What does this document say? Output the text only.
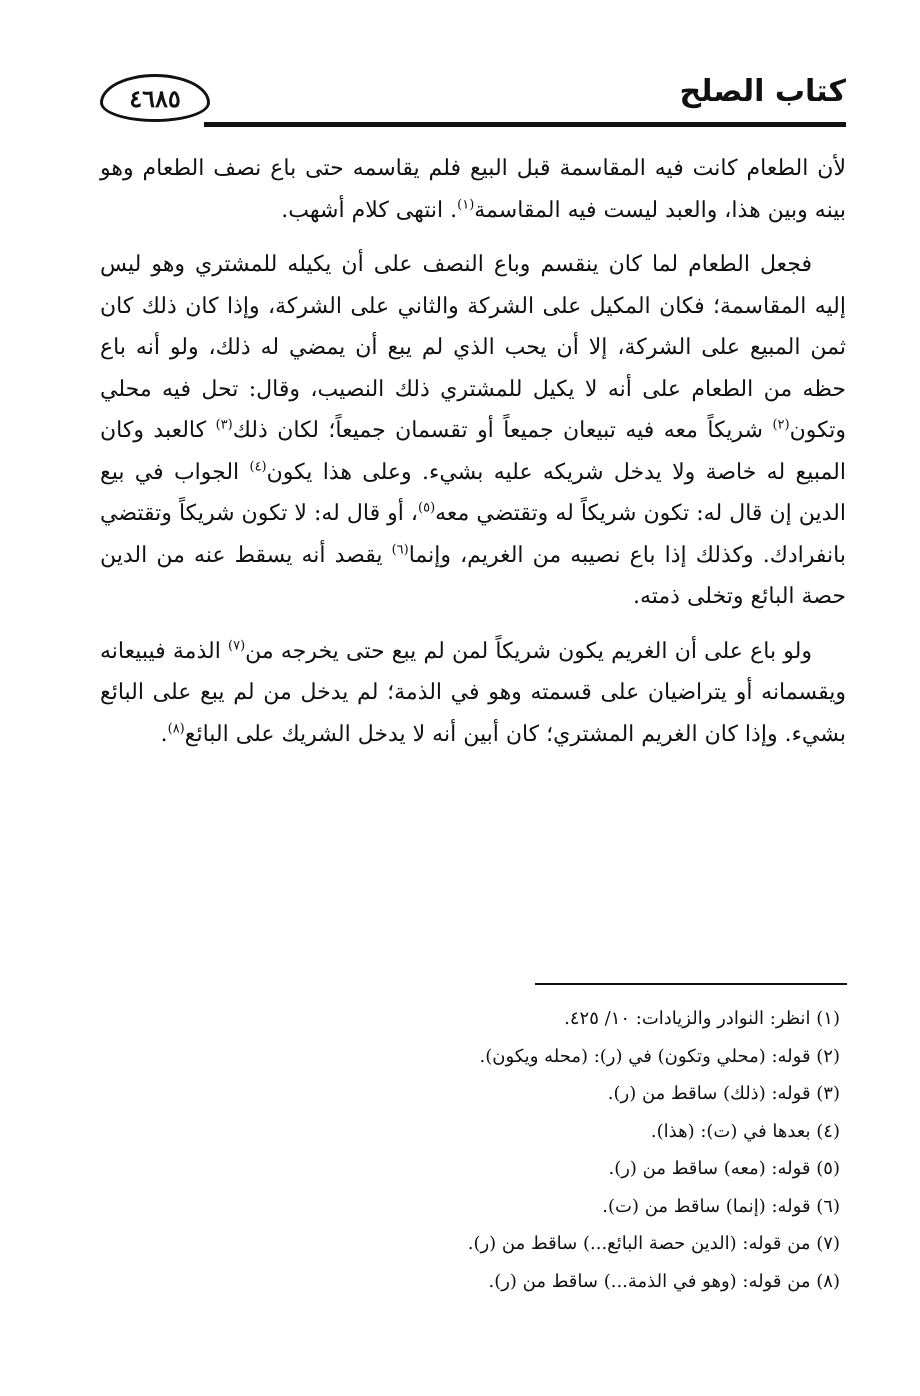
كتاب الصلح
٤٦٨٥

لأن الطعام كانت فيه المقاسمة قبل البيع فلم يقاسمه حتى باع نصف الطعام وهو بينه وبين هذا، والعبد ليست فيه المقاسمة$^{(١)}$. انتهى كلام أشهب.

فجعل الطعام لما كان ينقسم وباع النصف على أن يكيله للمشتري وهو ليس إليه المقاسمة؛ فكان المكيل على الشركة والثاني على الشركة، وإذا كان ذلك كان ثمن المبيع على الشركة، إلا أن يحب الذي لم يبع أن يمضي له ذلك، ولو أنه باع حظه من الطعام على أنه لا يكيل للمشتري ذلك النصيب، وقال: تحل فيه محلي وتكون$^{(٢)}$ شريكاً معه فيه تبيعان جميعاً أو تقسمان جميعاً؛ لكان ذلك$^{(٣)}$ كالعبد وكان المبيع له خاصة ولا يدخل شريكه عليه بشيء. وعلى هذا يكون$^{(٤)}$ الجواب في بيع الدين إن قال له: تكون شريكاً له وتقتضي معه$^{(٥)}$، أو قال له: لا تكون شريكاً وتقتضي بانفرادك. وكذلك إذا باع نصيبه من الغريم، وإنما$^{(٦)}$ يقصد أنه يسقط عنه من الدين حصة البائع وتخلى ذمته.

ولو باع على أن الغريم يكون شريكاً لمن لم يبع حتى يخرجه من$^{(٧)}$ الذمة فيبيعانه ويقسمانه أو يتراضيان على قسمته وهو في الذمة؛ لم يدخل من لم يبع على البائع بشيء. وإذا كان الغريم المشتري؛ كان أبين أنه لا يدخل الشريك على البائع$^{(٨)}$.

(١) انظر: النوادر والزيادات: ١٠/ ٤٢٥.

(٢) قوله: (محلي وتكون) في (ر): (محله ويكون).

(٣) قوله: (ذلك) ساقط من (ر).

(٤) بعدها في (ت): (هذا).

(٥) قوله: (معه) ساقط من (ر).

(٦) قوله: (إنما) ساقط من (ت).

(٧) من قوله: (الدين حصة البائع...) ساقط من (ر).

(٨) من قوله: (وهو في الذمة...) ساقط من (ر).
